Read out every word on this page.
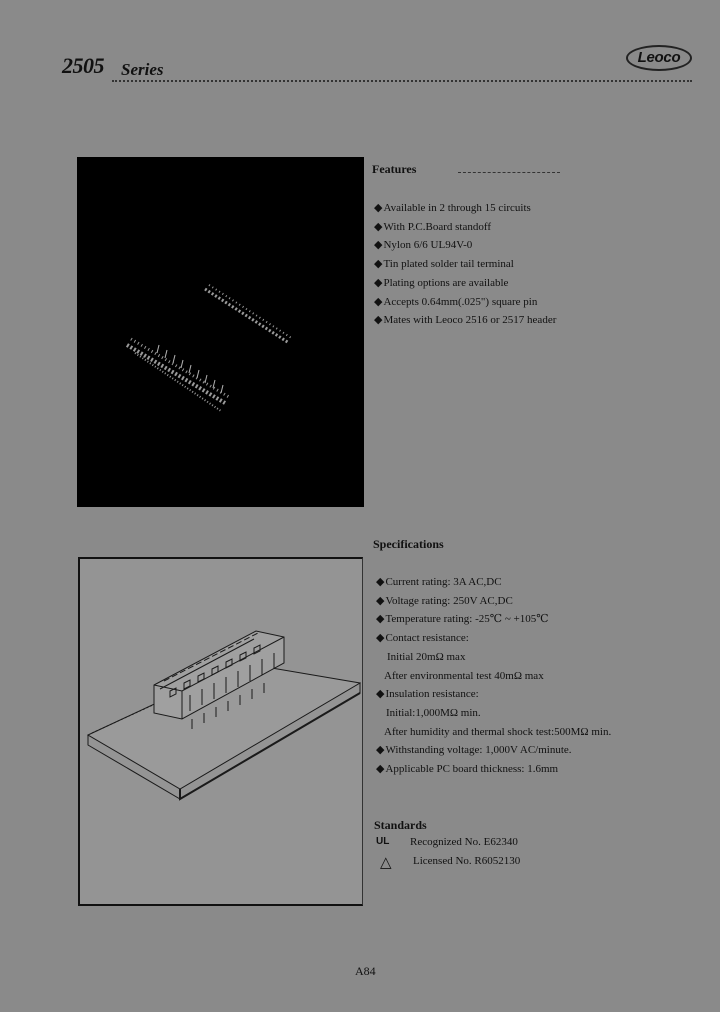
2505 Series
Leoco
Features
◆Available in 2 through 15 circuits
◆With P.C.Board standoff
◆Nylon 6/6 UL94V-0
◆Tin plated solder tail terminal
◆Plating options are available
◆Accepts 0.64mm(.025") square pin
◆Mates with Leoco 2516 or 2517 header
Specifications
◆Current rating: 3A AC,DC
◆Voltage rating: 250V AC,DC
◆Temperature rating: -25℃ ~ +105℃
◆Contact resistance:
Initial 20mΩ max
After environmental test 40mΩ max
◆Insulation resistance:
Initial:1,000MΩ min.
After humidity and thermal shock test:500MΩ min.
◆Withstanding voltage: 1,000V AC/minute.
◆Applicable PC board thickness: 1.6mm
Standards
UL Recognized No. E62340
△ Licensed No. R6052130
A84
